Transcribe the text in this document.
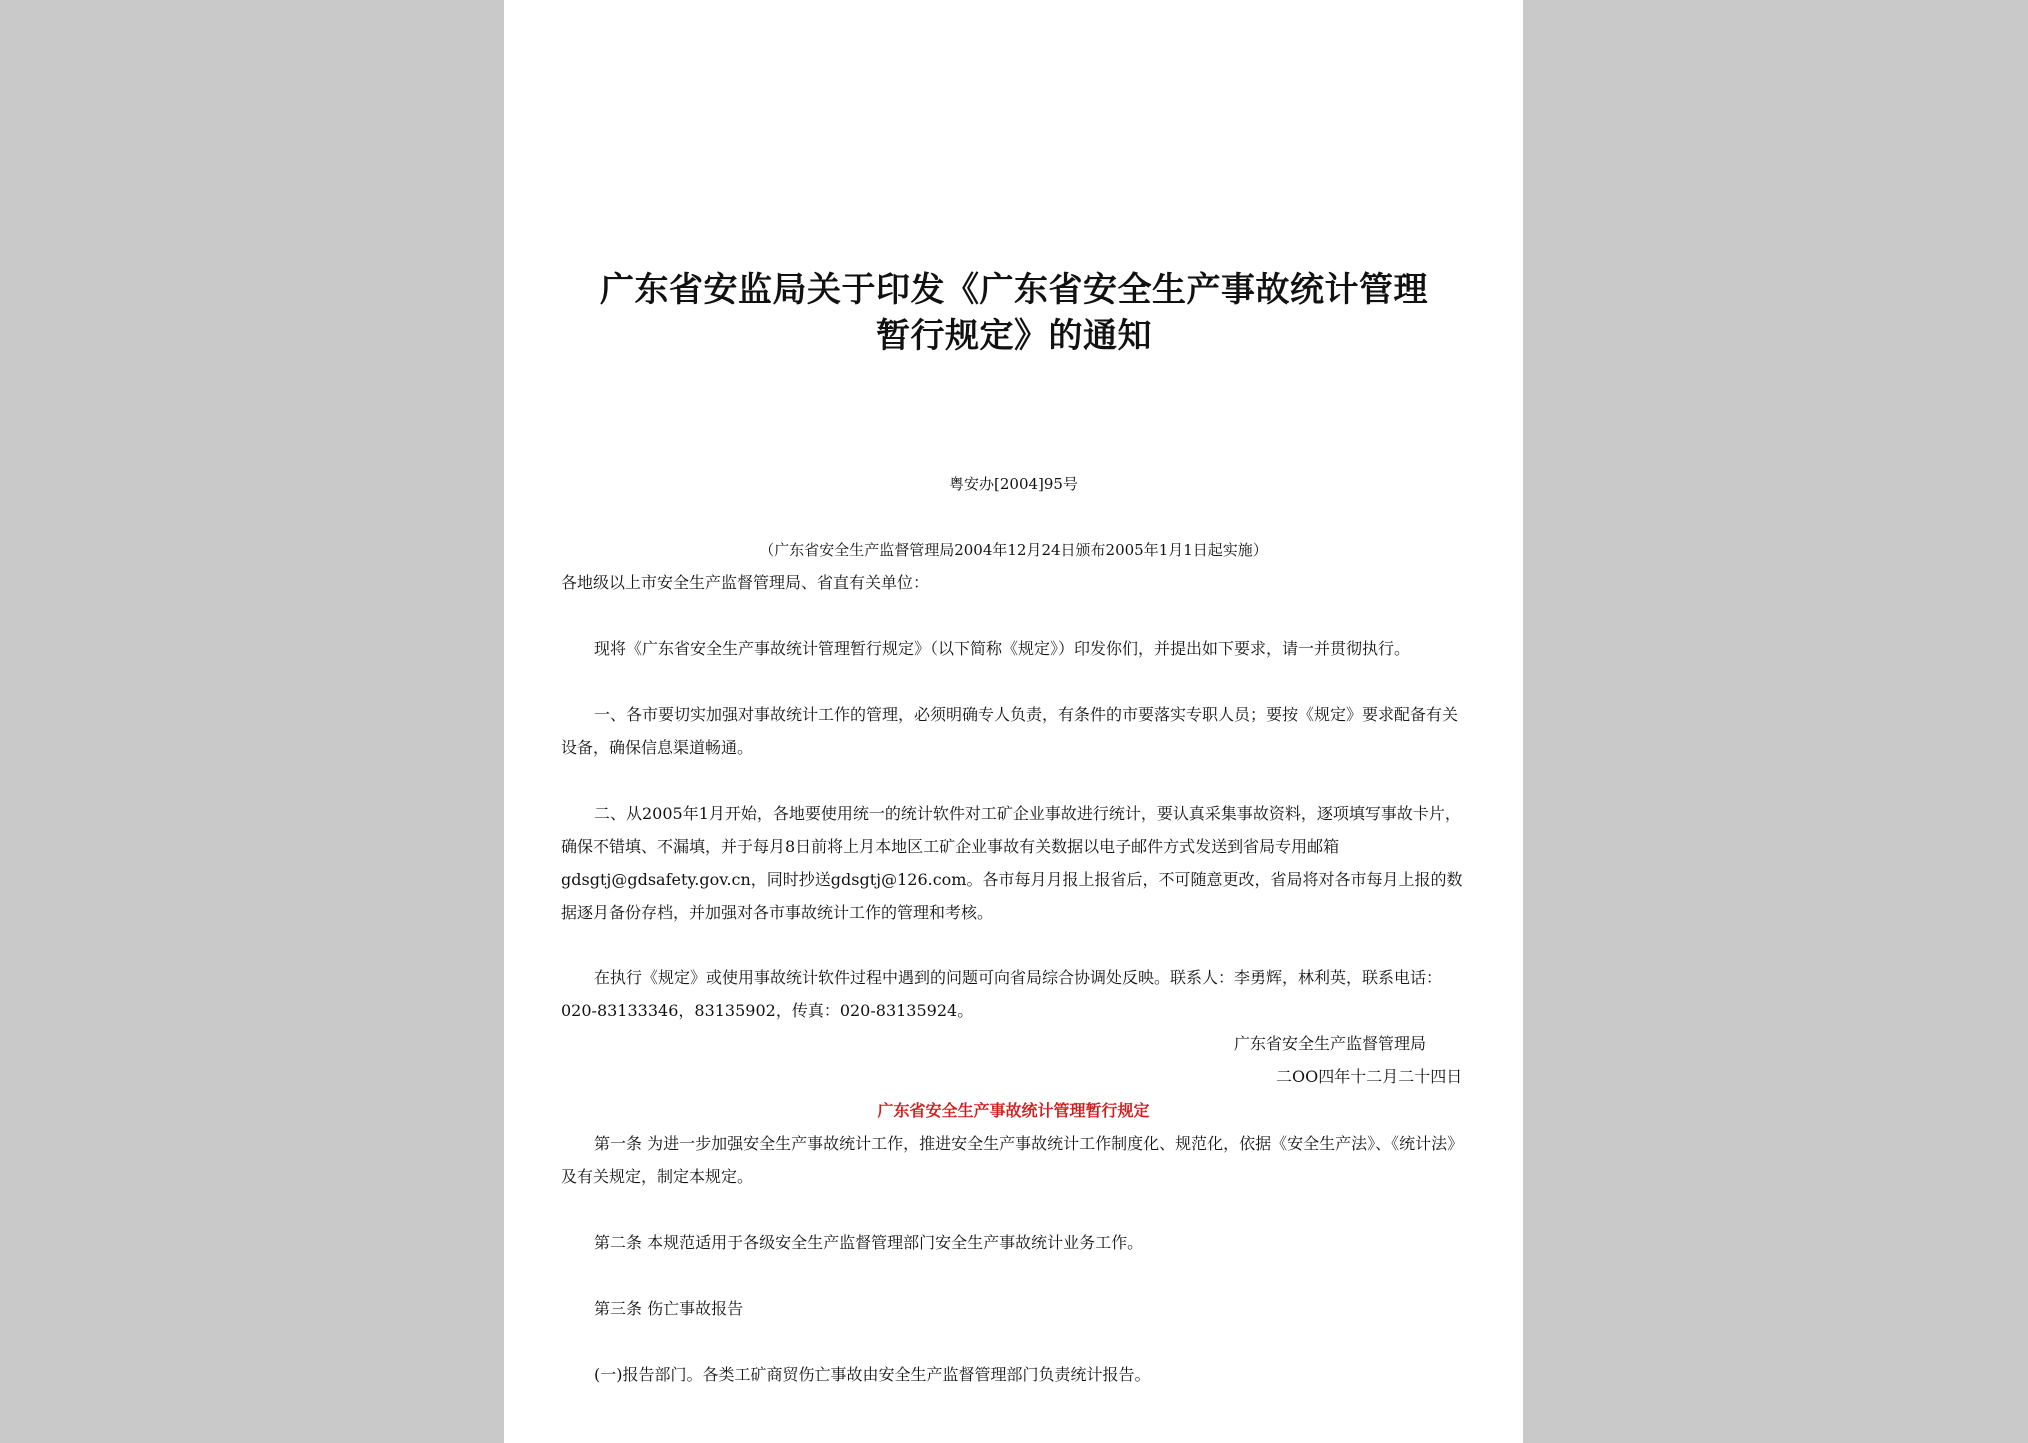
广东省安监局关于印发《广东省安全生产事故统计管理
暂行规定》的通知
粤安办[2004]95号
（广东省安全生产监督管理局2004年12月24日颁布2005年1月1日起实施）
各地级以上市安全生产监督管理局、省直有关单位：
现将《广东省安全生产事故统计管理暂行规定》（以下简称《规定》）印发你们，并提出如下要求，请一并贯彻执行。
一、各市要切实加强对事故统计工作的管理，必须明确专人负责，有条件的市要落实专职人员；要按《规定》要求配备有关设备，确保信息渠道畅通。
二、从2005年1月开始，各地要使用统一的统计软件对工矿企业事故进行统计，要认真采集事故资料，逐项填写事故卡片，确保不错填、不漏填，并于每月8日前将上月本地区工矿企业事故有关数据以电子邮件方式发送到省局专用邮箱gdsgtj@gdsafety.gov.cn，同时抄送gdsgtj@126.com。各市每月月报上报省后，不可随意更改，省局将对各市每月上报的数据逐月备份存档，并加强对各市事故统计工作的管理和考核。
在执行《规定》或使用事故统计软件过程中遇到的问题可向省局综合协调处反映。联系人：李勇辉，林利英，联系电话：020-83133346，83135902，传真：020-83135924。
广东省安全生产监督管理局
二OO四年十二月二十四日
广东省安全生产事故统计管理暂行规定
第一条 为进一步加强安全生产事故统计工作，推进安全生产事故统计工作制度化、规范化，依据《安全生产法》、《统计法》及有关规定，制定本规定。
第二条 本规范适用于各级安全生产监督管理部门安全生产事故统计业务工作。
第三条 伤亡事故报告
(一)报告部门。各类工矿商贸伤亡事故由安全生产监督管理部门负责统计报告。
